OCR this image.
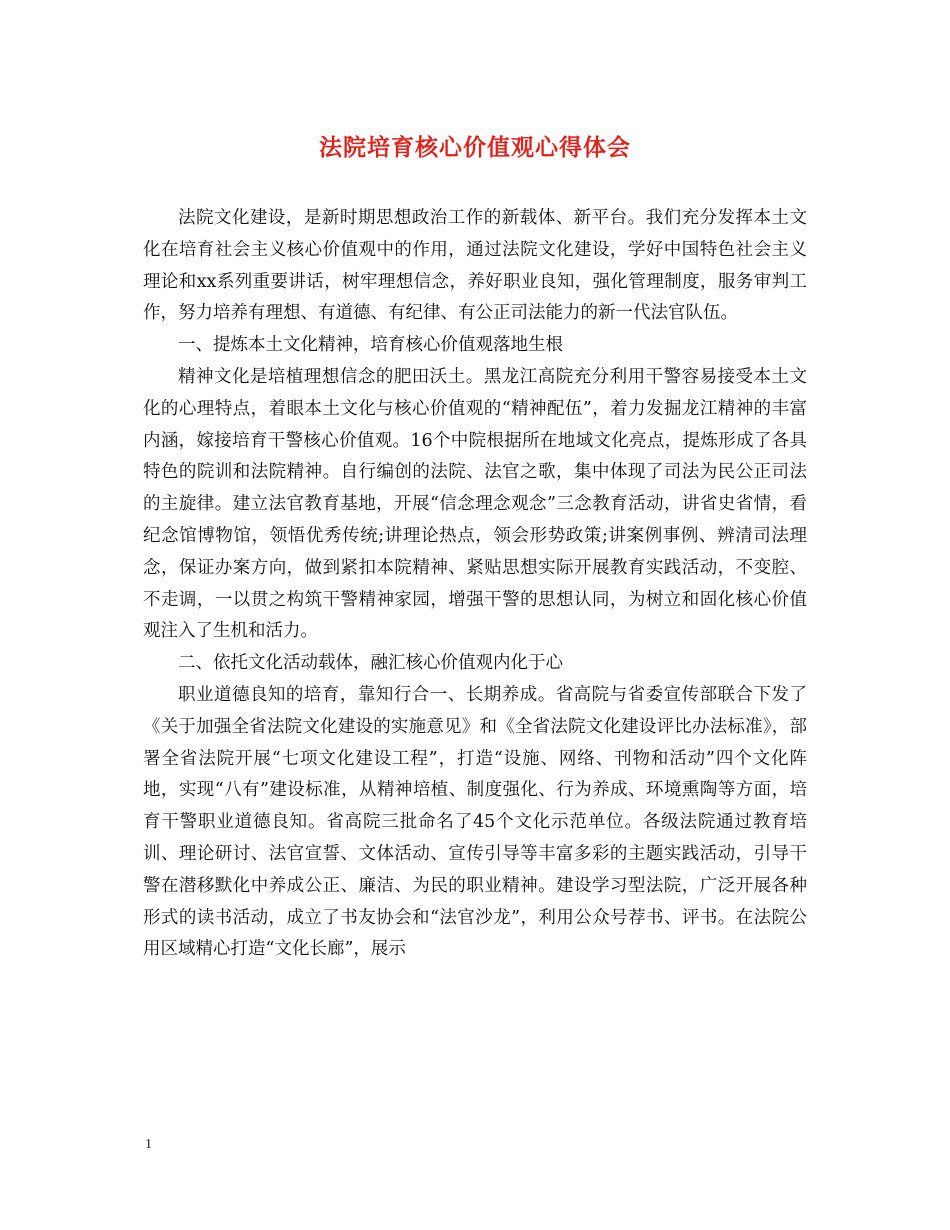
法院培育核心价值观心得体会

法院文化建设，是新时期思想政治工作的新载体、新平台。我们充分发挥本土文化在培育社会主义核心价值观中的作用，通过法院文化建设，学好中国特色社会主义理论和xx系列重要讲话，树牢理想信念，养好职业良知，强化管理制度，服务审判工作，努力培养有理想、有道德、有纪律、有公正司法能力的新一代法官队伍。

一、提炼本土文化精神，培育核心价值观落地生根

精神文化是培植理想信念的肥田沃土。黑龙江高院充分利用干警容易接受本土文化的心理特点，着眼本土文化与核心价值观的“精神配伍”，着力发掘龙江精神的丰富内涵，嫁接培育干警核心价值观。16个中院根据所在地域文化亮点，提炼形成了各具特色的院训和法院精神。自行编创的法院、法官之歌，集中体现了司法为民公正司法的主旋律。建立法官教育基地，开展“信念理念观念”三念教育活动，讲省史省情，看纪念馆博物馆，领悟优秀传统;讲理论热点，领会形势政策;讲案例事例、辨清司法理念，保证办案方向，做到紧扣本院精神、紧贴思想实际开展教育实践活动，不变腔、不走调，一以贯之构筑干警精神家园，增强干警的思想认同，为树立和固化核心价值观注入了生机和活力。

二、依托文化活动载体，融汇核心价值观内化于心

职业道德良知的培育，靠知行合一、长期养成。省高院与省委宣传部联合下发了《关于加强全省法院文化建设的实施意见》和《全省法院文化建设评比办法标准》，部署全省法院开展“七项文化建设工程”，打造“设施、网络、刊物和活动”四个文化阵地，实现“八有”建设标准，从精神培植、制度强化、行为养成、环境熏陶等方面，培育干警职业道德良知。省高院三批命名了45个文化示范单位。各级法院通过教育培训、理论研讨、法官宣誓、文体活动、宣传引导等丰富多彩的主题实践活动，引导干警在潜移默化中养成公正、廉洁、为民的职业精神。建设学习型法院，广泛开展各种形式的读书活动，成立了书友协会和“法官沙龙”，利用公众号荐书、评书。在法院公用区域精心打造“文化长廊”，展示

1
